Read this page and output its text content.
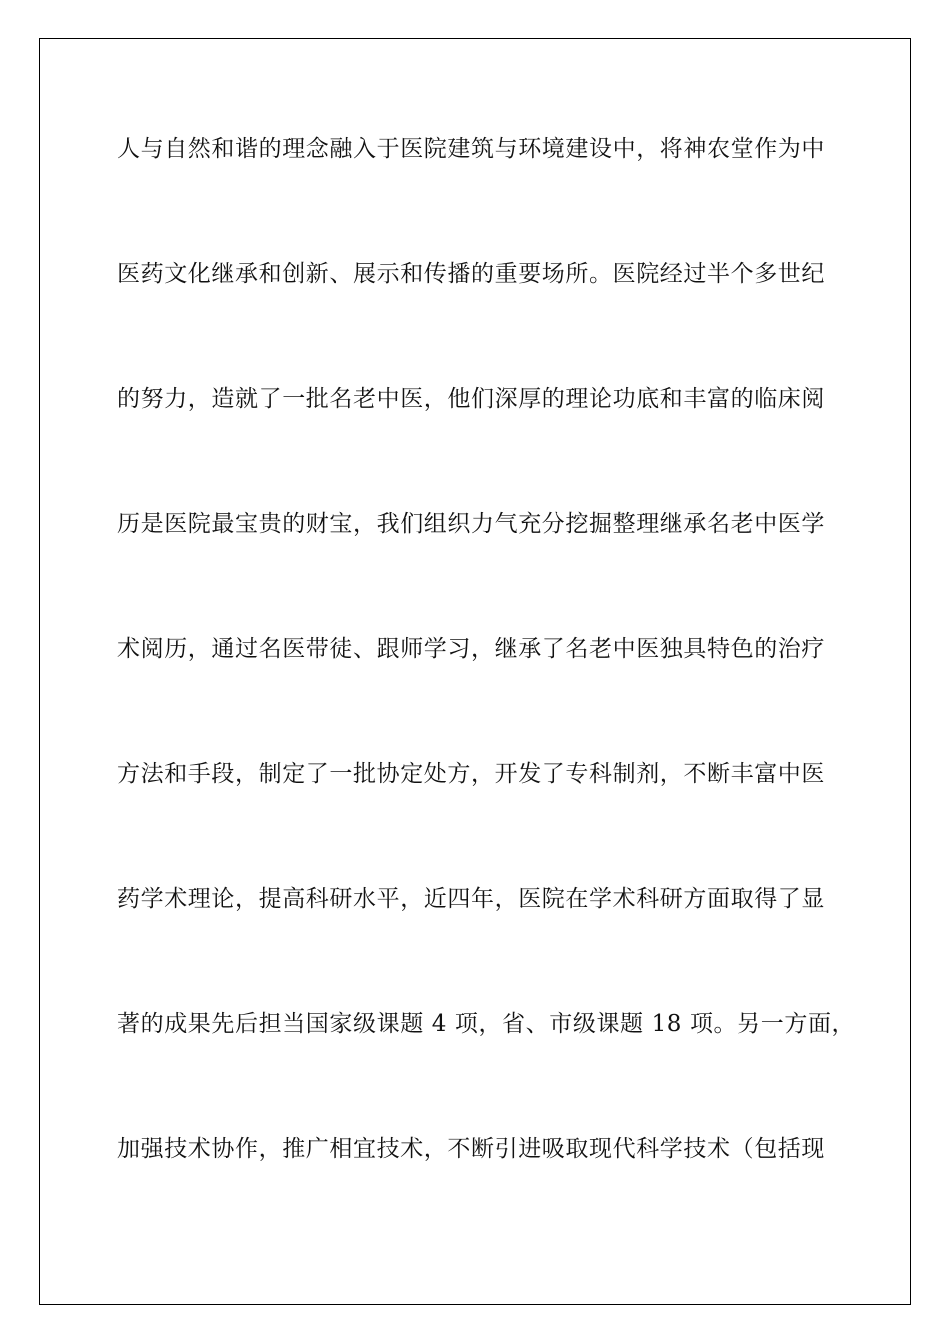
人与自然和谐的理念融入于医院建筑与环境建设中，将神农堂作为中
医药文化继承和创新、展示和传播的重要场所。医院经过半个多世纪
的努力，造就了一批名老中医，他们深厚的理论功底和丰富的临床阅
历是医院最宝贵的财宝，我们组织力气充分挖掘整理继承名老中医学
术阅历，通过名医带徒、跟师学习，继承了名老中医独具特色的治疗
方法和手段，制定了一批协定处方，开发了专科制剂，不断丰富中医
药学术理论，提高科研水平，近四年，医院在学术科研方面取得了显
著的成果先后担当国家级课题 4 项，省、市级课题 18 项。另一方面，
加强技术协作，推广相宜技术，不断引进吸取现代科学技术（包括现
